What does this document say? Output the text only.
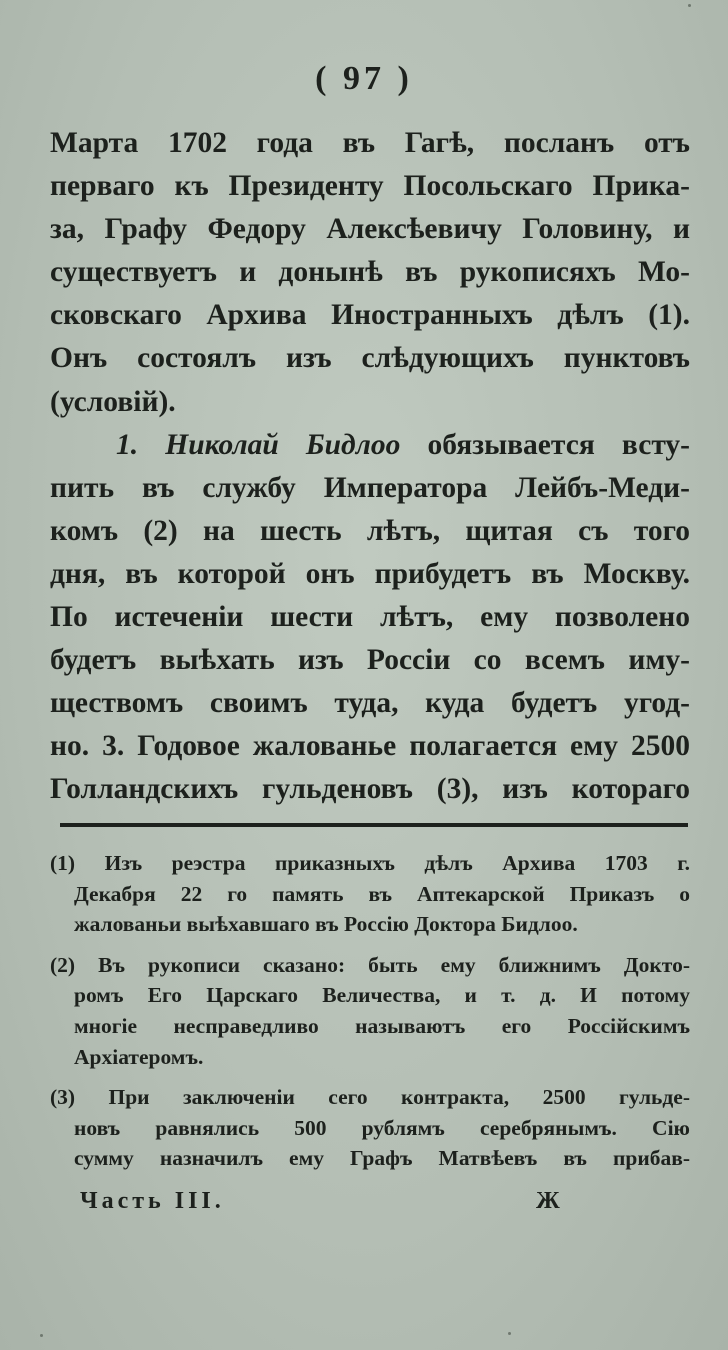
( 97 )
Марта 1702 года въ Гагѣ, посланъ отъ
перваго къ Президенту Посольскаго Прика-
за, Графу Федору Алексѣевичу Головину, и
существуетъ и донынѣ въ рукописяхъ Мо-
сковскаго Архива Иностранныхъ дѣлъ (1).
Онъ состоялъ изъ слѣдующихъ пунктовъ
(условій).
1. Николай Бидлоо обязывается всту-
пить въ службу Императора Лейбъ-Меди-
комъ (2) на шесть лѣтъ, щитая съ того
дня, въ которой онъ прибудетъ въ Москву.
По истеченіи шести лѣтъ, ему позволено
будетъ выѣхать изъ Россіи со всемъ иму-
ществомъ своимъ туда, куда будетъ угод-
но. 3. Годовое жалованье полагается ему 2500
Голландскихъ гульденовъ (3), изъ котораго
(1) Изъ реэстра приказныхъ дѣлъ Архива 1703 г.
Декабря 22 го память въ Аптекарской Приказъ о
жалованьи выѣхавшаго въ Россію Доктора Бидлоо.
(2) Въ рукописи сказано: быть ему ближнимъ Докто-
ромъ Его Царскаго Величества, и т. д. И потому
многіе несправедливо называютъ его Россійскимъ
Архіатеромъ.
(3) При заключеніи сего контракта, 2500 гульде-
новъ равнялись 500 рублямъ серебрянымъ. Сію
сумму назначилъ ему Графъ Матвѣевъ въ прибав-
Часть III.	Ж
